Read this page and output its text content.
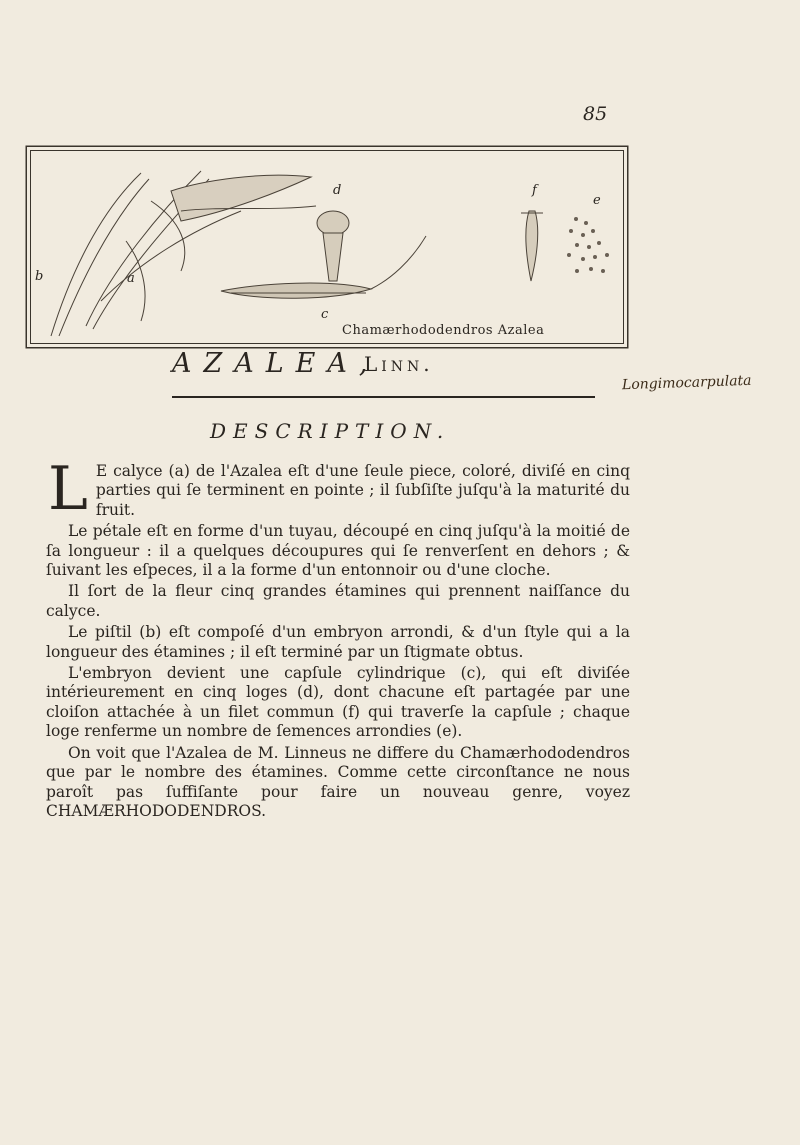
85
Chamærhododendros Azalea
b	a
c
d	f
e
AZALEA,
Linn.
Longimocarpulata
DESCRIPTION.

L E calyce (a) de l'Azalea eſt d'une ſeule piece, coloré, diviſé en cinq parties qui ſe terminent en pointe ; il ſubſiſte juſqu'à la maturité du fruit.

Le pétale eſt en forme d'un tuyau, découpé en cinq juſqu'à la moitié de ſa longueur : il a quelques découpures qui ſe renverſent en dehors ; & ſuivant les eſpeces, il a la forme d'un entonnoir ou d'une cloche.

Il ſort de la fleur cinq grandes étamines qui prennent naiſſance du calyce.

Le piſtil (b) eſt compoſé d'un embryon arrondi, & d'un ſtyle qui a la longueur des étamines ; il eſt terminé par un ſtigmate obtus.

L'embryon devient une capſule cylindrique (c), qui eſt diviſée intérieurement en cinq loges (d), dont chacune eſt partagée par une cloiſon attachée à un filet commun (f) qui traverſe la capſule ; chaque loge renferme un nombre de ſemences arrondies (e).

On voit que l'Azalea de M. Linneus ne differe du Chamærhododendros que par le nombre des étamines. Comme cette circonſtance ne nous paroît pas ſuffiſante pour faire un nouveau genre, voyez CHAMÆRHODODENDROS.
